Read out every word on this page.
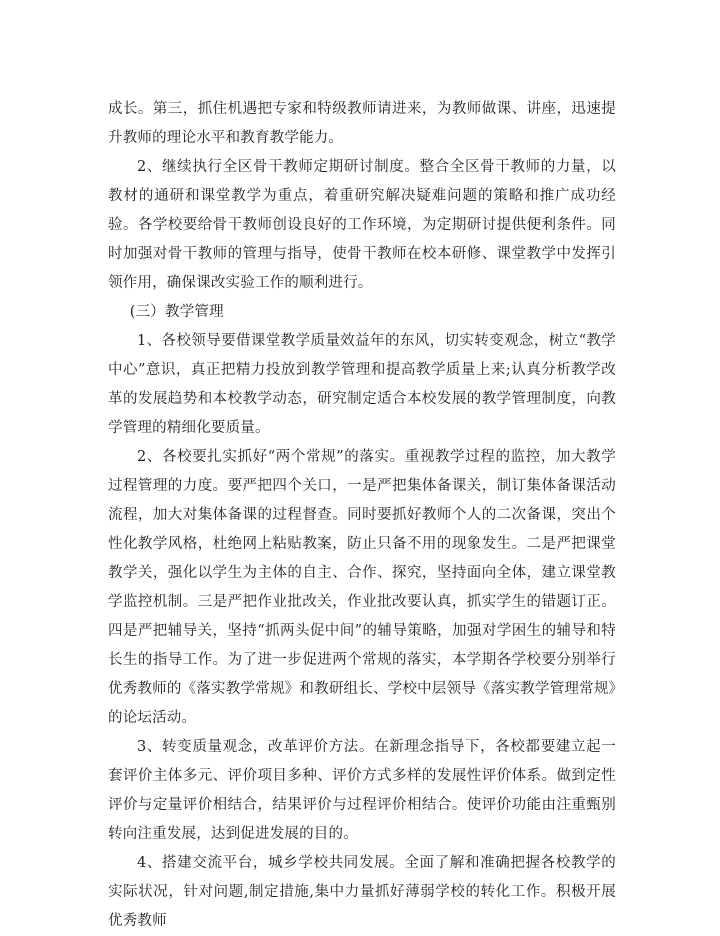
成长。第三，抓住机遇把专家和特级教师请进来，为教师做课、讲座，迅速提升教师的理论水平和教育教学能力。

2、继续执行全区骨干教师定期研讨制度。整合全区骨干教师的力量，以教材的通研和课堂教学为重点，着重研究解决疑难问题的策略和推广成功经验。各学校要给骨干教师创设良好的工作环境，为定期研讨提供便利条件。同时加强对骨干教师的管理与指导，使骨干教师在校本研修、课堂教学中发挥引领作用，确保课改实验工作的顺利进行。

(三）教学管理

1、各校领导要借课堂教学质量效益年的东风，切实转变观念，树立“教学中心”意识，真正把精力投放到教学管理和提高教学质量上来;认真分析教学改革的发展趋势和本校教学动态，研究制定适合本校发展的教学管理制度，向教学管理的精细化要质量。

2、各校要扎实抓好“两个常规”的落实。重视教学过程的监控，加大教学过程管理的力度。要严把四个关口，一是严把集体备课关，制订集体备课活动流程，加大对集体备课的过程督查。同时要抓好教师个人的二次备课，突出个性化教学风格，杜绝网上粘贴教案，防止只备不用的现象发生。二是严把课堂教学关，强化以学生为主体的自主、合作、探究，坚持面向全体，建立课堂教学监控机制。三是严把作业批改关，作业批改要认真，抓实学生的错题订正。四是严把辅导关，坚持“抓两头促中间”的辅导策略，加强对学困生的辅导和特长生的指导工作。为了进一步促进两个常规的落实，本学期各学校要分别举行优秀教师的《落实教学常规》和教研组长、学校中层领导《落实教学管理常规》的论坛活动。

3、转变质量观念，改革评价方法。在新理念指导下，各校都要建立起一套评价主体多元、评价项目多种、评价方式多样的发展性评价体系。做到定性评价与定量评价相结合，结果评价与过程评价相结合。使评价功能由注重甄别转向注重发展，达到促进发展的目的。

4、搭建交流平台，城乡学校共同发展。全面了解和准确把握各校教学的实际状况，针对问题,制定措施,集中力量抓好薄弱学校的转化工作。积极开展优秀教师
